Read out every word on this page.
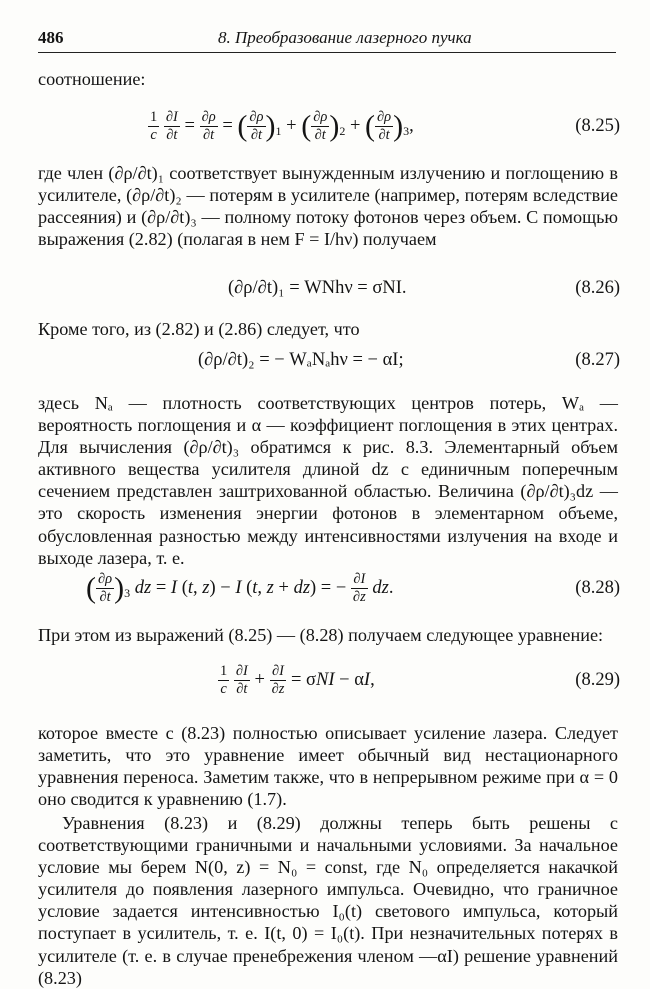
486	8. Преобразование лазерного пучка

соотношение:

$\frac{1}{c}$
$\frac{\partial I}{\partial t} = \frac{\partial\rho}{\partial t}$ = ( $\frac{\partial\rho}{\partial t} )_1$ + ( $\frac{\partial\rho}{\partial t} )_2$ + ( $\frac{\partial\rho}{\partial t} )_3$,	(8.25)

где член (∂ρ/∂t)₁ соответствует вынужденным излучению и поглощению в усилителе, (∂ρ/∂t)₂ — потерям в усилителе (например, потерям вследствие рассеяния) и (∂ρ/∂t)₃ — полному потоку фотонов через объем. С помощью выражения (2.82) (полагая в нем F = I/hν) получаем

(∂ρ/∂t)₁ = WNhν = σNI.	(8.26)

Кроме того, из (2.82) и (2.86) следует, что

(∂ρ/∂t)₂ = − WₐNₐhν = − αI;	(8.27)

здесь Nₐ — плотность соответствующих центров потерь, Wₐ — вероятность поглощения и α — коэффициент поглощения в этих центрах. Для вычисления (∂ρ/∂t)₃ обратимся к рис. 8.3. Элементарный объем активного вещества усилителя длиной dz с единичным поперечным сечением представлен заштрихованной областью. Величина (∂ρ/∂t)₃dz — это скорость изменения энергии фотонов в элементарном объеме, обусловленная разностью между интенсивностями излучения на входе и выходе лазера, т. е.

( $\frac{\partial\rho}{\partial t} )_3$ dz = I (t, z) − I (t, z + dz) = − $\frac{\partial I}{\partial z}$ dz.	(8.28)

При этом из выражений (8.25) — (8.28) получаем следующее уравнение:

$\frac{1}{c}$
$\frac{\partial I}{\partial t} + \frac{\partial I}{\partial z} = \sigma NI - \alpha I$,	(8.29)

которое вместе с (8.23) полностью описывает усиление лазера. Следует заметить, что это уравнение имеет обычный вид нестационарного уравнения переноса. Заметим также, что в непрерывном режиме при α = 0 оно сводится к уравнению (1.7).

Уравнения (8.23) и (8.29) должны теперь быть решены с соответствующими граничными и начальными условиями. За начальное условие мы берем N(0, z) = N₀ = const, где N₀ определяется накачкой усилителя до появления лазерного импульса. Очевидно, что граничное условие задается интенсивностью I₀(t) светового импульса, который поступает в усилитель, т. е. I(t, 0) = I₀(t). При незначительных потерях в усилителе (т. е. в случае пренебрежения членом —αI) решение уравнений (8.23)
